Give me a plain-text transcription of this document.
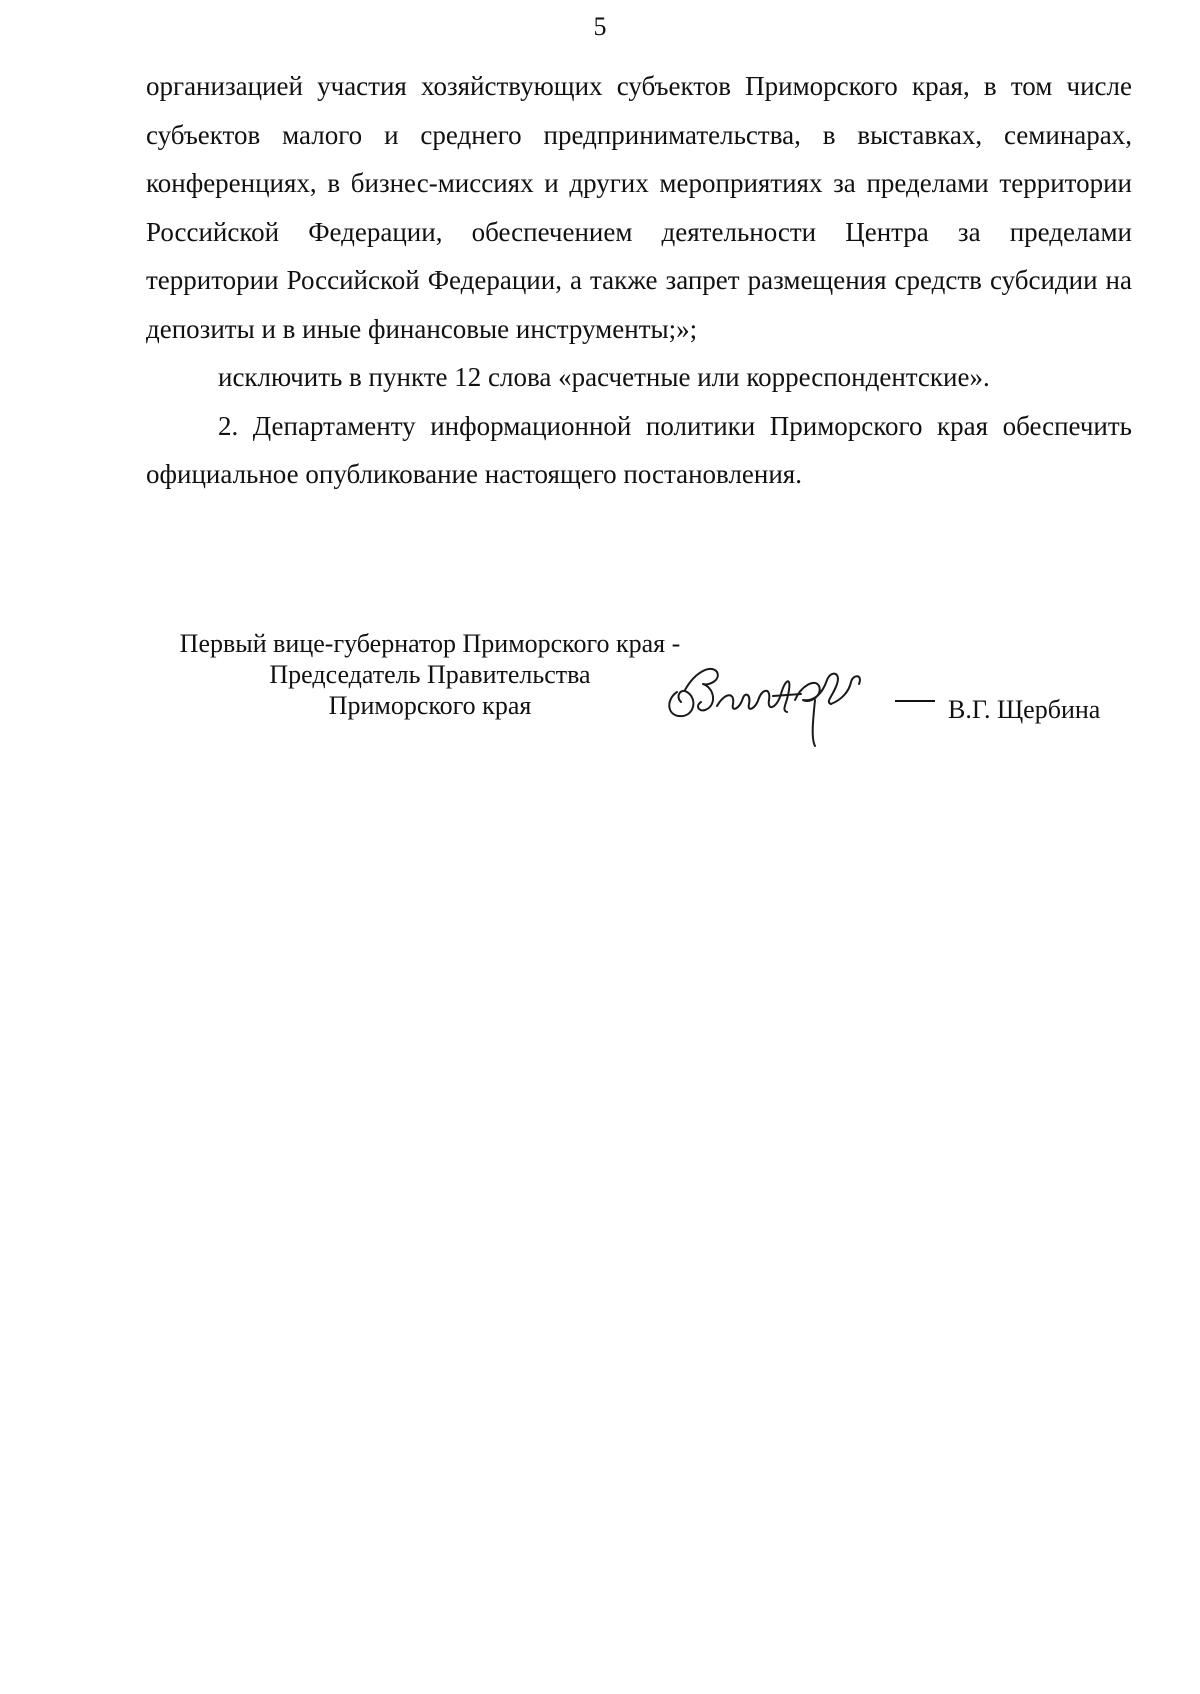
5

организацией участия хозяйствующих субъектов Приморского края, в том числе субъектов малого и среднего предпринимательства, в выставках, семинарах, конференциях, в бизнес-миссиях и других мероприятиях за пределами территории Российской Федерации, обеспечением деятельности Центра за пределами территории Российской Федерации, а также запрет размещения средств субсидии на депозиты и в иные финансовые инструменты;»;

исключить в пункте 12 слова «расчетные или корреспондентские».

2. Департаменту информационной политики Приморского края обеспечить официальное опубликование настоящего постановления.

Первый вице-губернатор Приморского края -
Председатель Правительства
Приморского края	В.Г. Щербина
